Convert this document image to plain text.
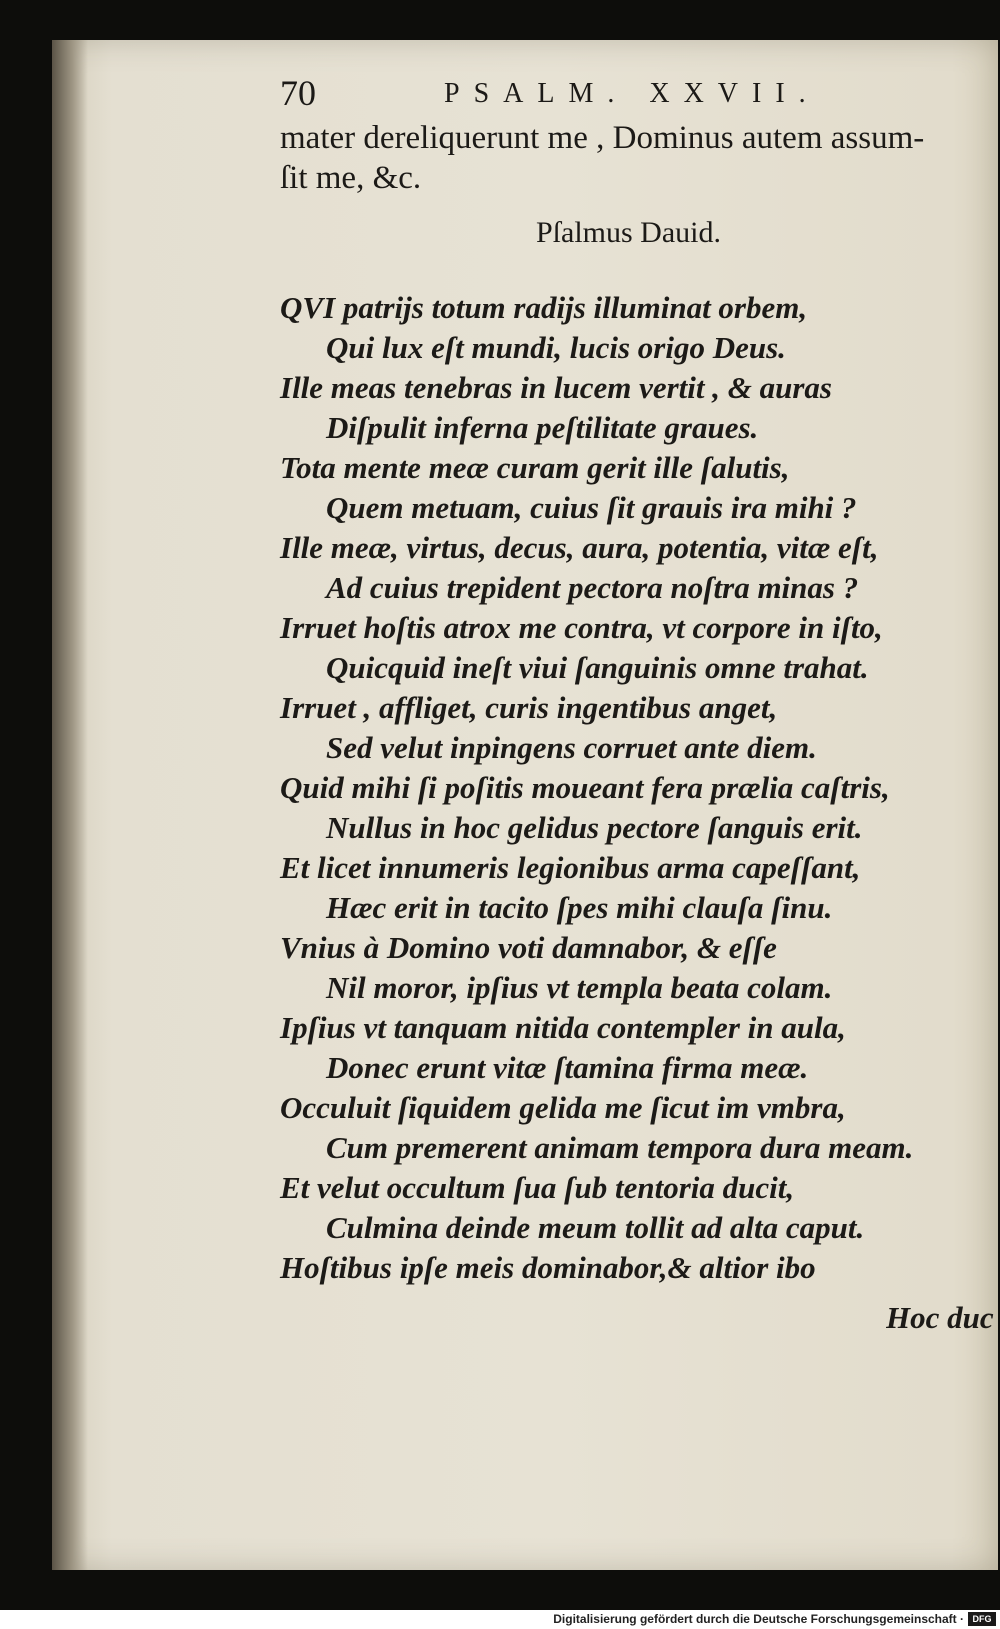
70	PSALM. XXVII.
mater dereliquerunt me , Dominus autem assum-
ſit me, &c.
Pſalmus Dauid.
QVI patrijs totum radijs illuminat orbem,
Qui lux eſt mundi, lucis origo Deus.
Ille meas tenebras in lucem vertit , & auras
Diſpulit inferna peſtilitate graues.
Tota mente meæ curam gerit ille ſalutis,
Quem metuam, cuius ſit grauis ira mihi ?
Ille meæ, virtus, decus, aura, potentia, vitæ eſt,
Ad cuius trepident pectora noſtra minas ?
Irruet hoſtis atrox me contra, vt corpore in iſto,
Quicquid ineſt viui ſanguinis omne trahat.
Irruet , affliget, curis ingentibus anget,
Sed velut inpingens corruet ante diem.
Quid mihi ſi poſitis moueant fera prælia caſtris,
Nullus in hoc gelidus pectore ſanguis erit.
Et licet innumeris legionibus arma capeſſant,
Hæc erit in tacito ſpes mihi clauſa ſinu.
Vnius à Domino voti damnabor, & eſſe
Nil moror, ipſius vt templa beata colam.
Ipſius vt tanquam nitida contempler in aula,
Donec erunt vitæ ſtamina firma meæ.
Occuluit ſiquidem gelida me ſicut im vmbra,
Cum premerent animam tempora dura meam.
Et velut occultum ſua ſub tentoria ducit,
Culmina deinde meum tollit ad alta caput.
Hoſtibus ipſe meis dominabor,& altior ibo
Hoc duc
Digitalisierung gefördert durch die Deutsche Forschungsgemeinschaft · DFG
